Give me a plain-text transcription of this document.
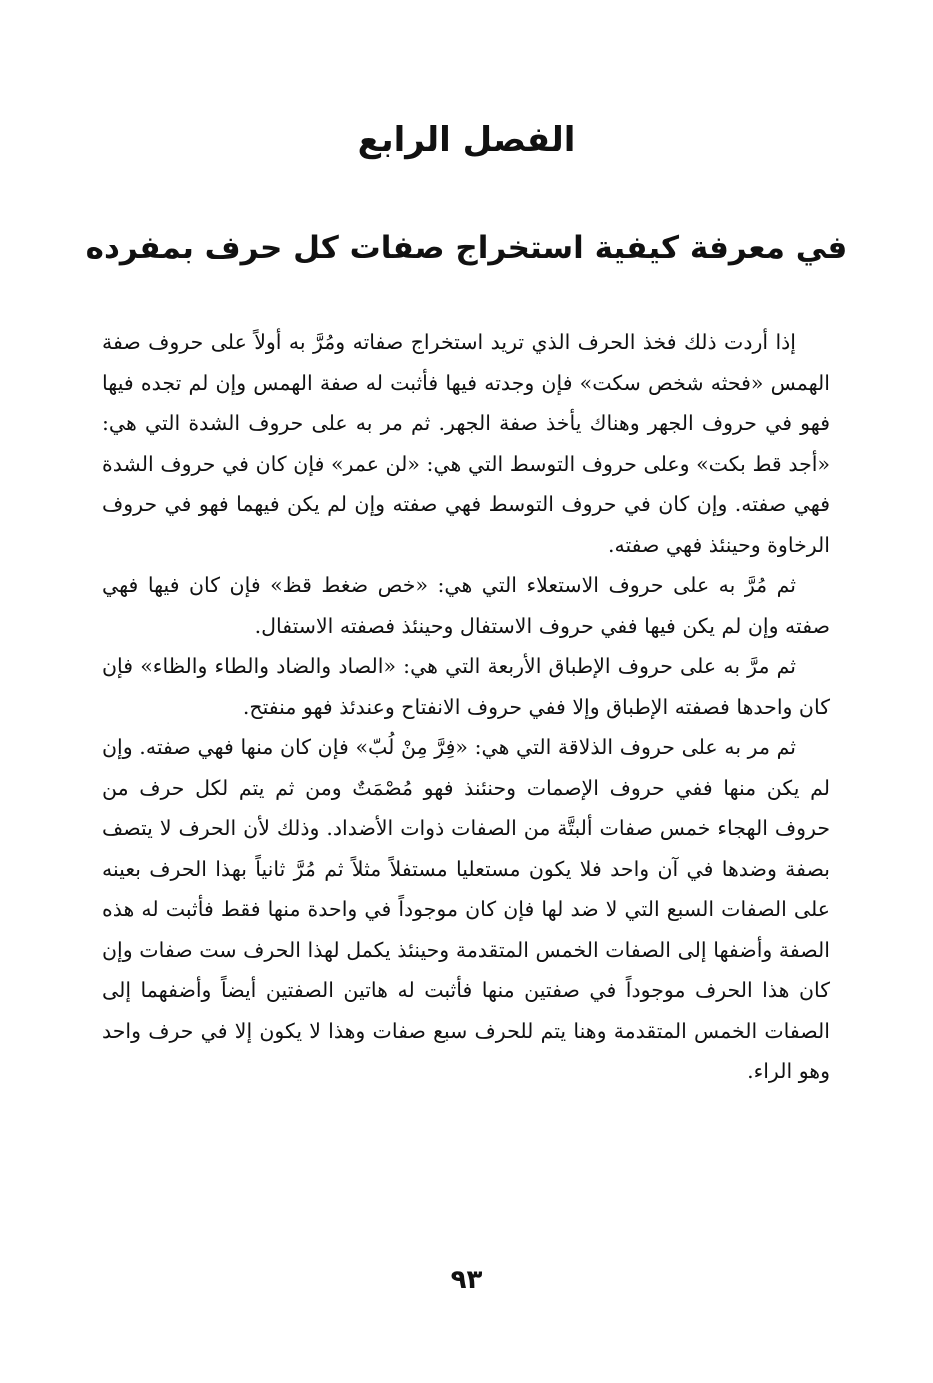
الفصل الرابع
في معرفة كيفية استخراج صفات كل حرف بمفرده

إذا أردت ذلك فخذ الحرف الذي تريد استخراج صفاته ومُرَّ به أولاً على حروف صفة الهمس «فحثه شخص سكت» فإن وجدته فيها فأثبت له صفة الهمس وإن لم تجده فيها فهو في حروف الجهر وهناك يأخذ صفة الجهر. ثم مر به على حروف الشدة التي هي: «أجد قط بكت» وعلى حروف التوسط التي هي: «لن عمر» فإن كان في حروف الشدة فهي صفته. وإن كان في حروف التوسط فهي صفته وإن لم يكن فيهما فهو في حروف الرخاوة وحينئذ فهي صفته.

ثم مُرَّ به على حروف الاستعلاء التي هي: «خص ضغط قظ» فإن كان فيها فهي صفته وإن لم يكن فيها ففي حروف الاستفال وحينئذ فصفته الاستفال.

ثم مرَّ به على حروف الإطباق الأربعة التي هي: «الصاد والضاد والطاء والظاء» فإن كان واحدها فصفته الإطباق وإلا ففي حروف الانفتاح وعندئذ فهو منفتح.

ثم مر به على حروف الذلاقة التي هي: «فِرَّ مِنْ لُبّ» فإن كان منها فهي صفته. وإن لم يكن منها ففي حروف الإصمات وحنئنذ فهو مُصْمَتٌ ومن ثم يتم لكل حرف من حروف الهجاء خمس صفات ألبتَّة من الصفات ذوات الأضداد. وذلك لأن الحرف لا يتصف بصفة وضدها في آن واحد فلا يكون مستعليا مستفلاً مثلاً ثم مُرَّ ثانياً بهذا الحرف بعينه على الصفات السبع التي لا ضد لها فإن كان موجوداً في واحدة منها فقط فأثبت له هذه الصفة وأضفها إلى الصفات الخمس المتقدمة وحينئذ يكمل لهذا الحرف ست صفات وإن كان هذا الحرف موجوداً في صفتين منها فأثبت له هاتين الصفتين أيضاً وأضفهما إلى الصفات الخمس المتقدمة وهنا يتم للحرف سبع صفات وهذا لا يكون إلا في حرف واحد وهو الراء.

٩٣
